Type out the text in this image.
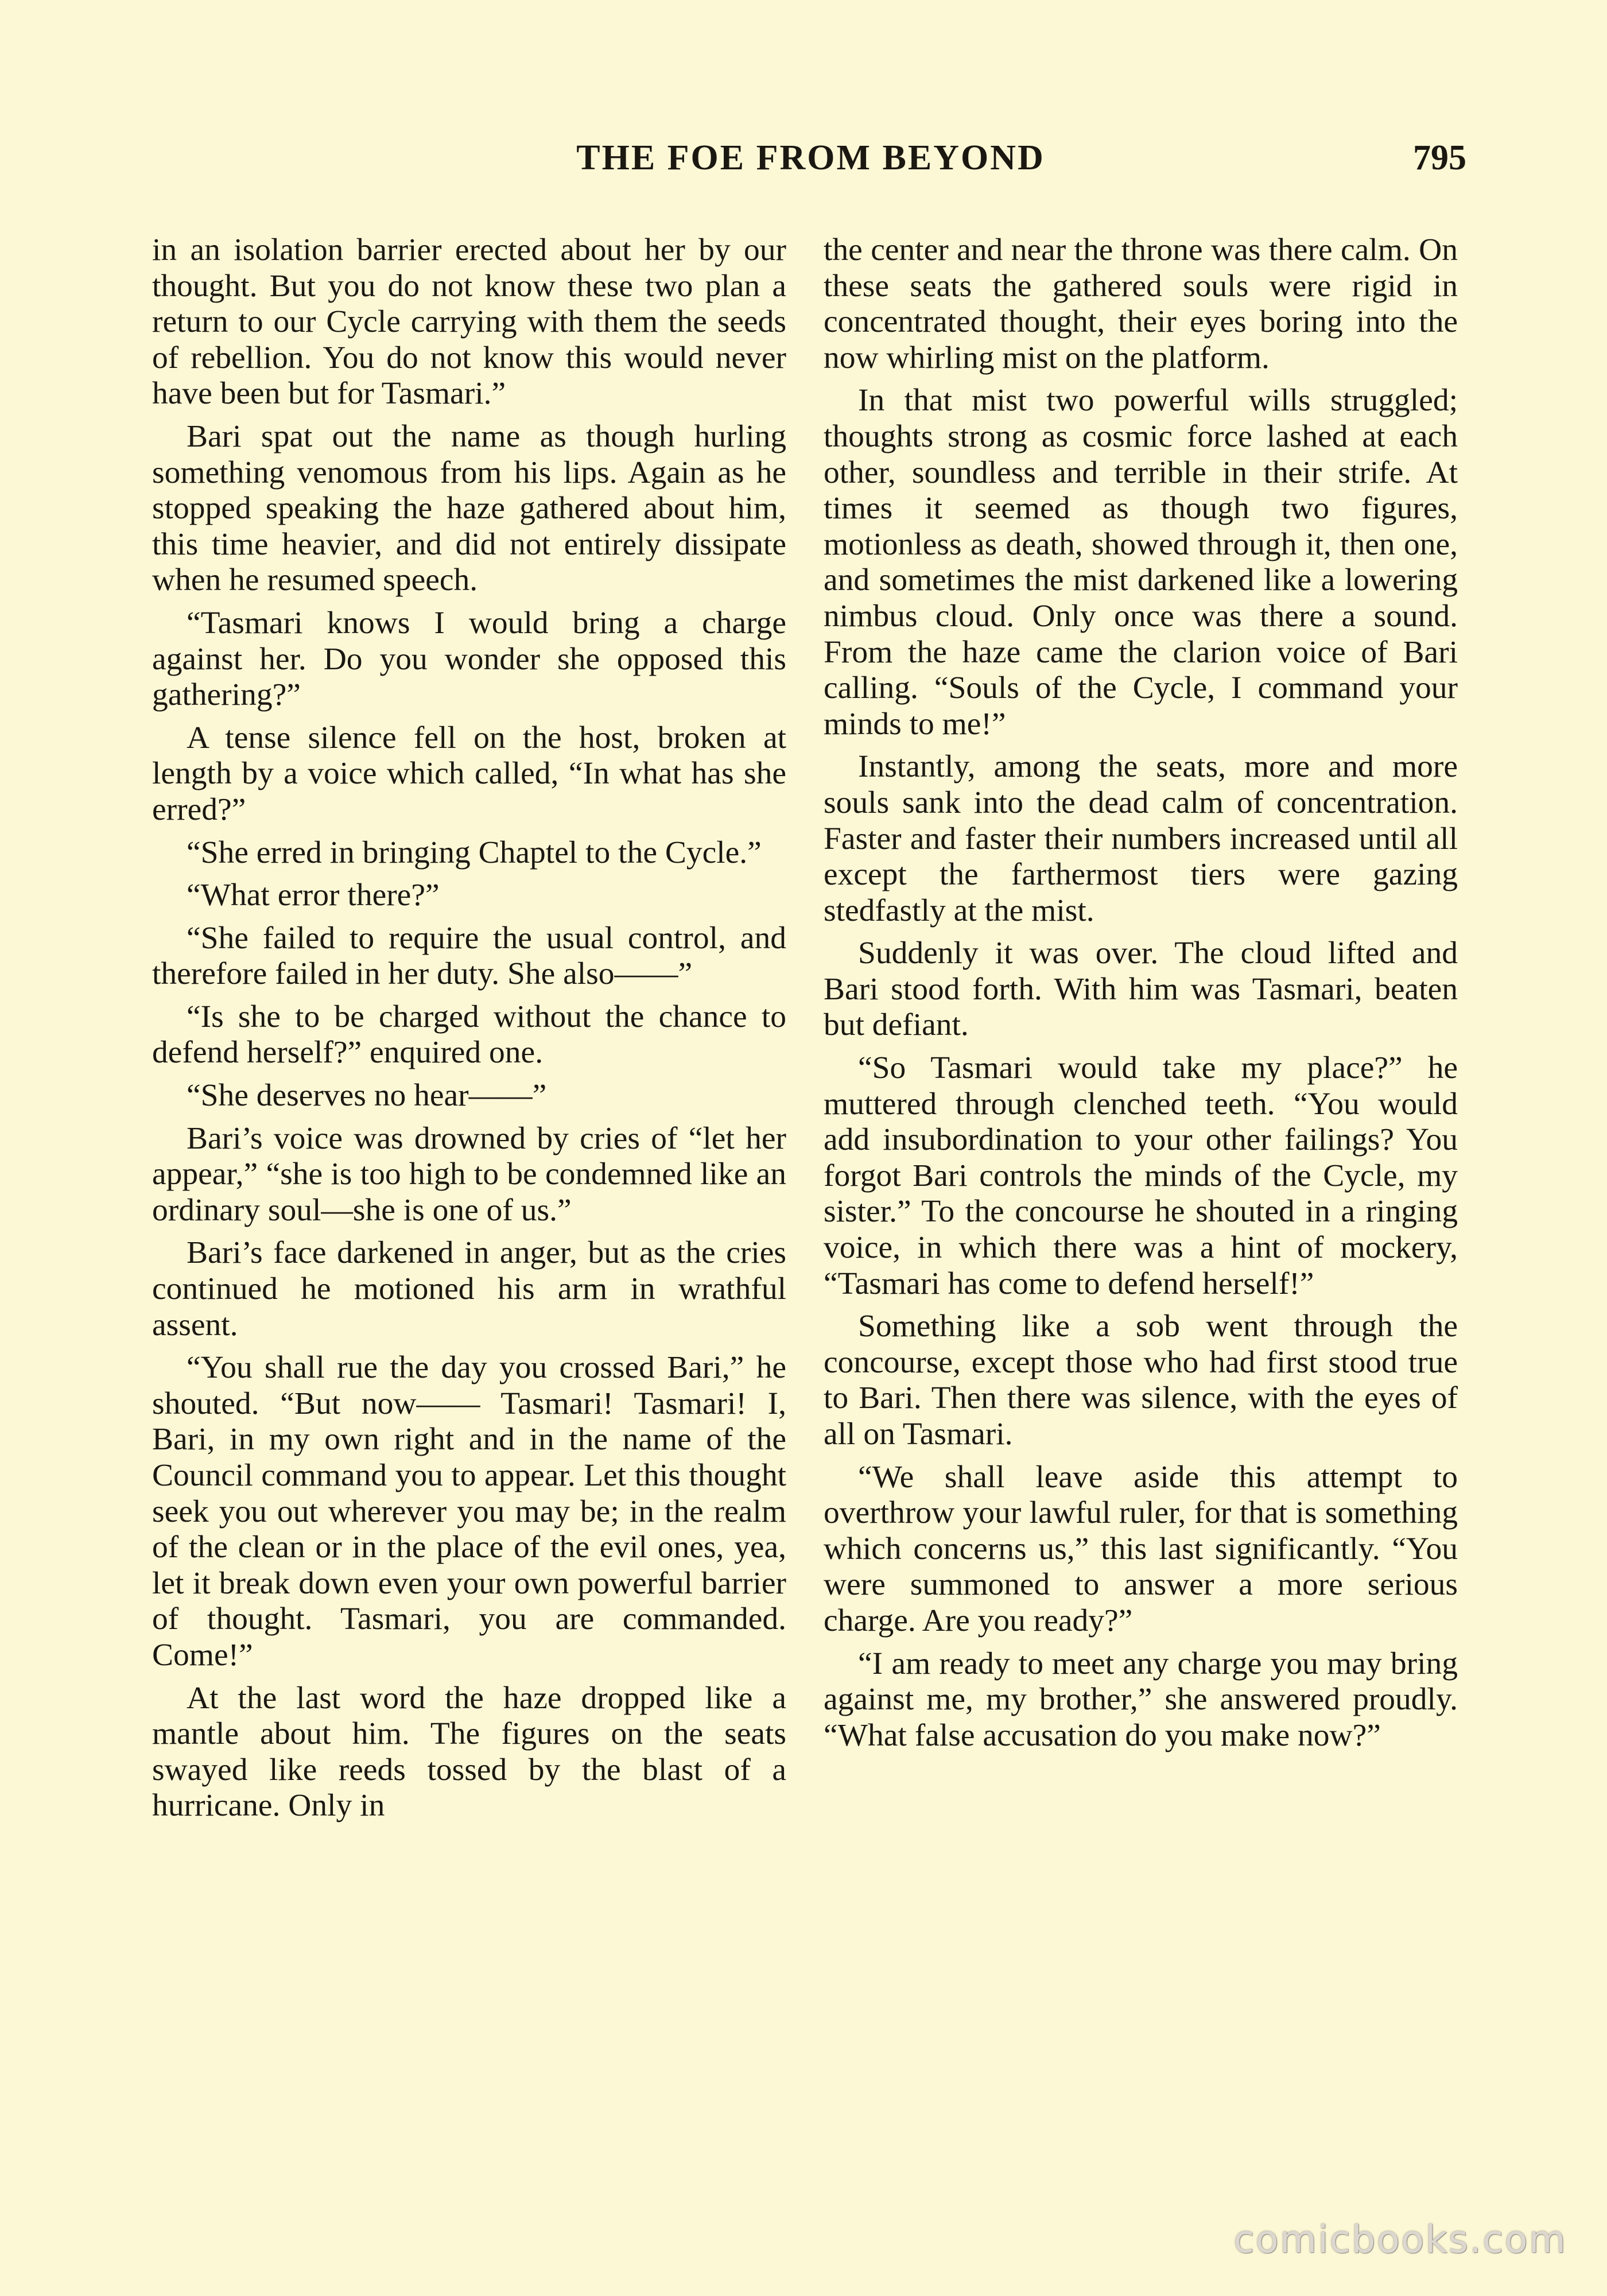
THE FOE FROM BEYOND	795

in an isolation barrier erected about her by our thought. But you do not know these two plan a return to our Cycle carrying with them the seeds of rebellion. You do not know this would never have been but for Tasmari.”

Bari spat out the name as though hurling something venomous from his lips. Again as he stopped speaking the haze gathered about him, this time heavier, and did not entirely dissipate when he resumed speech.

“Tasmari knows I would bring a charge against her. Do you wonder she opposed this gathering?”

A tense silence fell on the host, broken at length by a voice which called, “In what has she erred?”

“She erred in bringing Chaptel to the Cycle.”

“What error there?”

“She failed to require the usual control, and therefore failed in her duty. She also——”

“Is she to be charged without the chance to defend herself?” enquired one.

“She deserves no hear——”

Bari’s voice was drowned by cries of “let her appear,” “she is too high to be condemned like an ordinary soul—she is one of us.”

Bari’s face darkened in anger, but as the cries continued he motioned his arm in wrathful assent.

“You shall rue the day you crossed Bari,” he shouted. “But now—— Tasmari! Tasmari! I, Bari, in my own right and in the name of the Council command you to appear. Let this thought seek you out wherever you may be; in the realm of the clean or in the place of the evil ones, yea, let it break down even your own powerful barrier of thought. Tasmari, you are commanded. Come!”

At the last word the haze dropped like a mantle about him. The figures on the seats swayed like reeds tossed by the blast of a hurricane. Only in

the center and near the throne was there calm. On these seats the gathered souls were rigid in concentrated thought, their eyes boring into the now whirling mist on the platform.

In that mist two powerful wills struggled; thoughts strong as cosmic force lashed at each other, soundless and terrible in their strife. At times it seemed as though two figures, motionless as death, showed through it, then one, and sometimes the mist darkened like a lowering nimbus cloud. Only once was there a sound. From the haze came the clarion voice of Bari calling. “Souls of the Cycle, I command your minds to me!”

Instantly, among the seats, more and more souls sank into the dead calm of concentration. Faster and faster their numbers increased until all except the farthermost tiers were gazing stedfastly at the mist.

Suddenly it was over. The cloud lifted and Bari stood forth. With him was Tasmari, beaten but defiant.

“So Tasmari would take my place?” he muttered through clenched teeth. “You would add insubordination to your other failings? You forgot Bari controls the minds of the Cycle, my sister.” To the concourse he shouted in a ringing voice, in which there was a hint of mockery, “Tasmari has come to defend herself!”

Something like a sob went through the concourse, except those who had first stood true to Bari. Then there was silence, with the eyes of all on Tasmari.

“We shall leave aside this attempt to overthrow your lawful ruler, for that is something which concerns us,” this last significantly. “You were summoned to answer a more serious charge. Are you ready?”

“I am ready to meet any charge you may bring against me, my brother,” she answered proudly. “What false accusation do you make now?”

comicbooks.com
